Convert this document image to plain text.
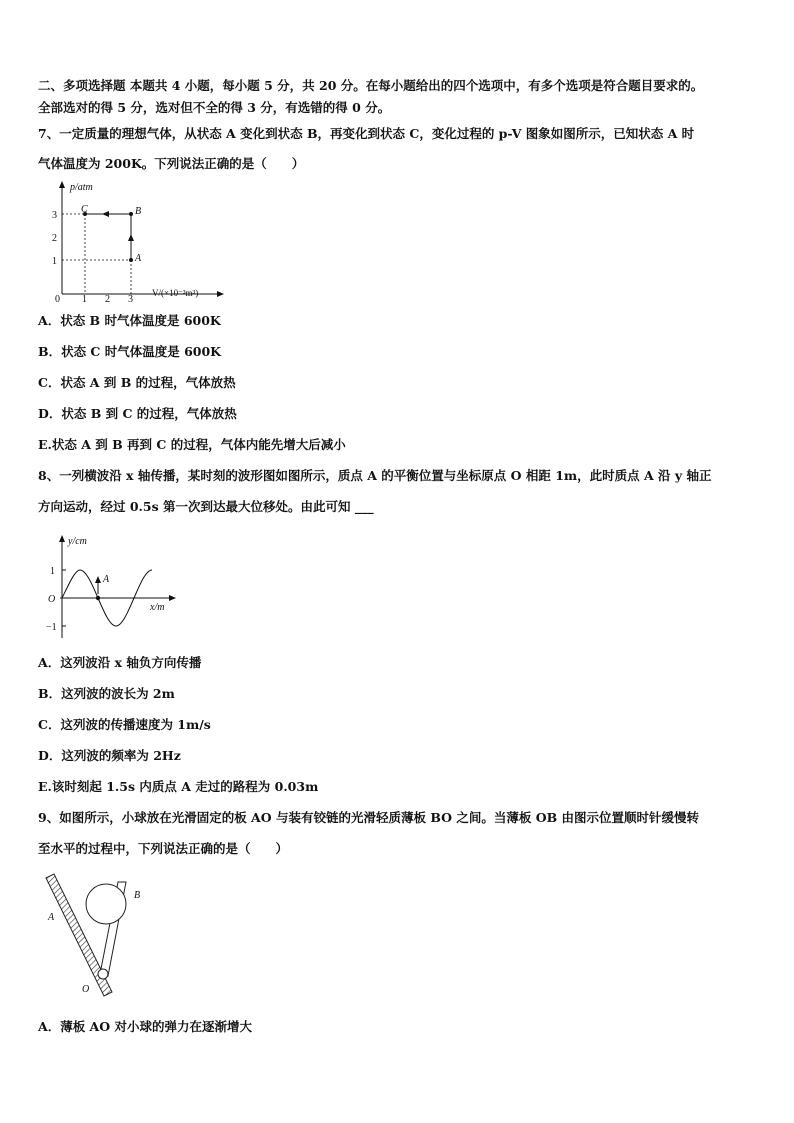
二、多项选择题 本题共 4 小题，每小题 5 分，共 20 分。在每小题给出的四个选项中，有多个选项是符合题目要求的。
全部选对的得 5 分，选对但不全的得 3 分，有选错的得 0 分。
7、一定质量的理想气体，从状态 A 变化到状态 B，再变化到状态 C，变化过程的 p-V 图象如图所示，已知状态 A 时
气体温度为 200K。下列说法正确的是（　　）
p/atm
V/(×10⁻³m³)
A
B
C
3
2
1
0 1 2 3
A．状态 B 时气体温度是 600K
B．状态 C 时气体温度是 600K
C．状态 A 到 B 的过程，气体放热
D．状态 B 到 C 的过程，气体放热
E.状态 A 到 B 再到 C 的过程，气体内能先增大后减小
8、一列横波沿 x 轴传播，某时刻的波形图如图所示，质点 A 的平衡位置与坐标原点 O 相距 1m，此时质点 A 沿 y 轴正
方向运动，经过 0.5s 第一次到达最大位移处。由此可知 ___
y/cm
x/m
1
O
−1
A
A．这列波沿 x 轴负方向传播
B．这列波的波长为 2m
C．这列波的传播速度为 1m/s
D．这列波的频率为 2Hz
E.该时刻起 1.5s 内质点 A 走过的路程为 0.03m
9、如图所示，小球放在光滑固定的板 AO 与装有铰链的光滑轻质薄板 BO 之间。当薄板 OB 由图示位置顺时针缓慢转
至水平的过程中，下列说法正确的是（　　）
A
B
O
A．薄板 AO 对小球的弹力在逐渐增大
